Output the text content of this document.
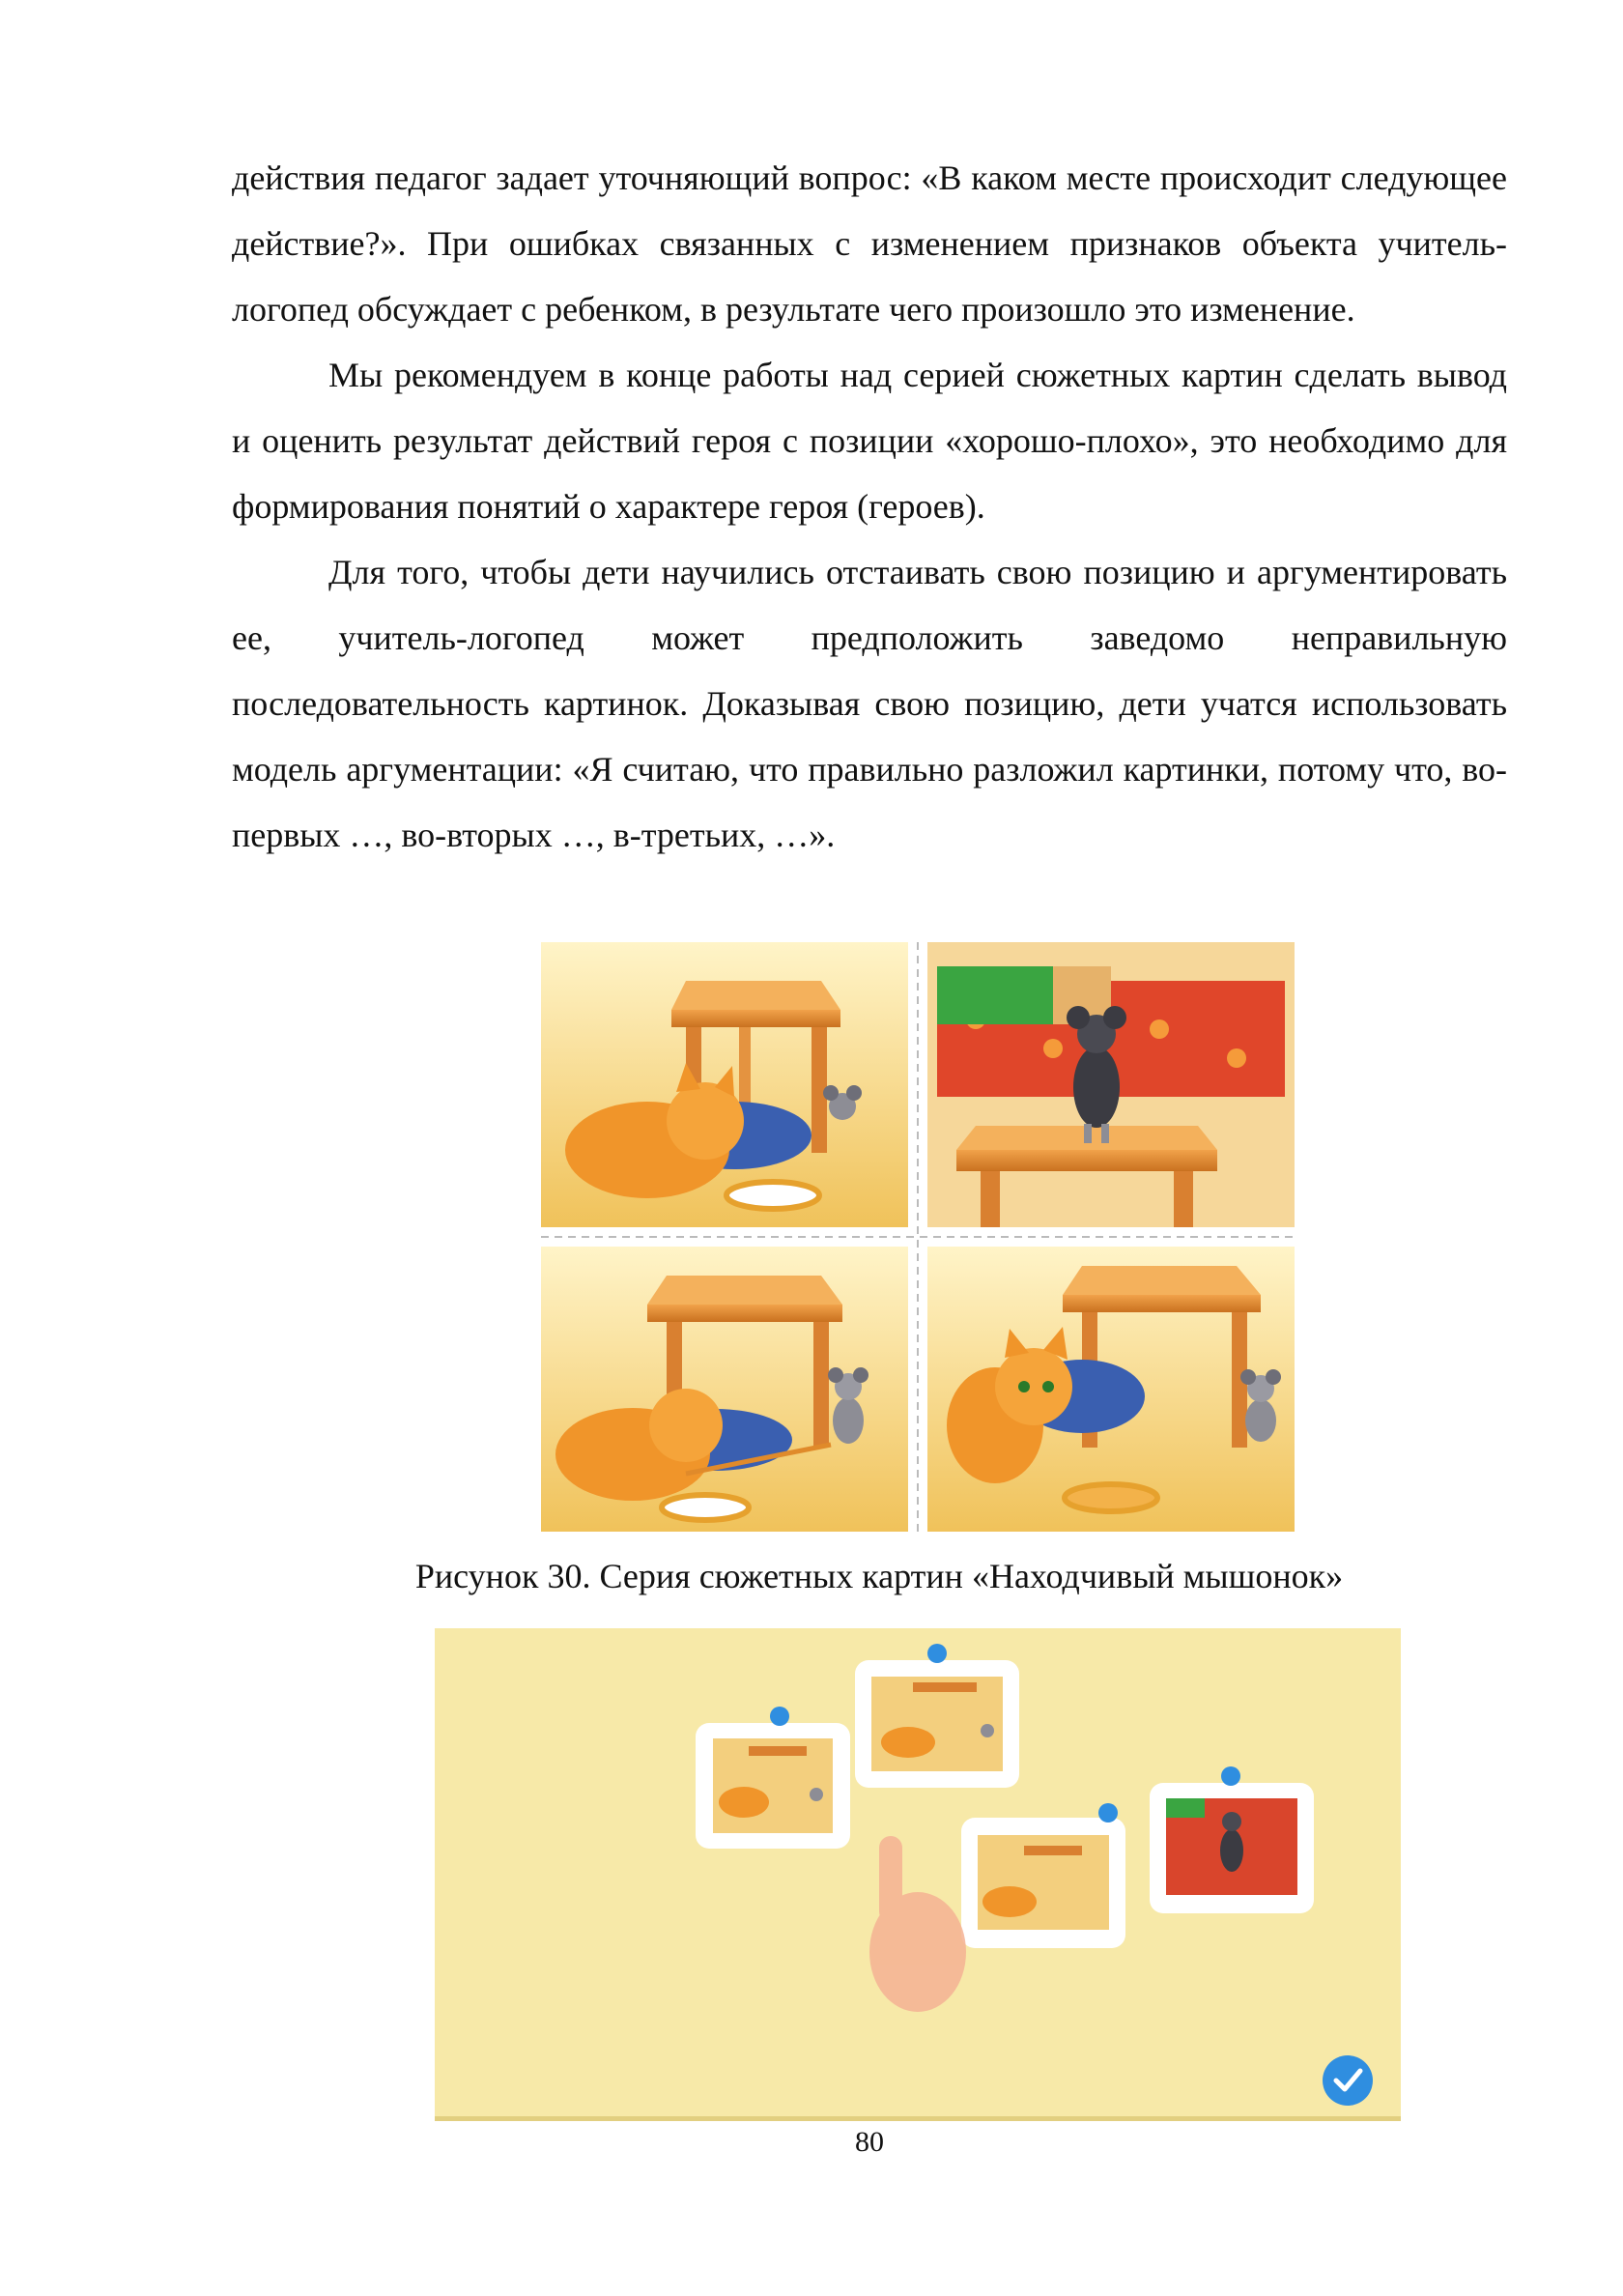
действия педагог задает уточняющий вопрос: «В каком месте происходит следующее действие?». При ошибках связанных с изменением признаков объекта учитель-логопед обсуждает с ребенком, в результате чего произошло это изменение.

Мы рекомендуем в конце работы над серией сюжетных картин сделать вывод и оценить результат действий героя с позиции «хорошо-плохо», это необходимо для формирования понятий о характере героя (героев).

Для того, чтобы дети научились отстаивать свою позицию и аргументировать ее, учитель-логопед может предположить заведомо неправильную последовательность картинок. Доказывая свою позицию, дети учатся использовать модель аргументации: «Я считаю, что правильно разложил картинки, потому что, во-первых …, во-вторых …, в-третьих, …».

Рисунок 30. Серия сюжетных картин «Находчивый мышонок»
80
